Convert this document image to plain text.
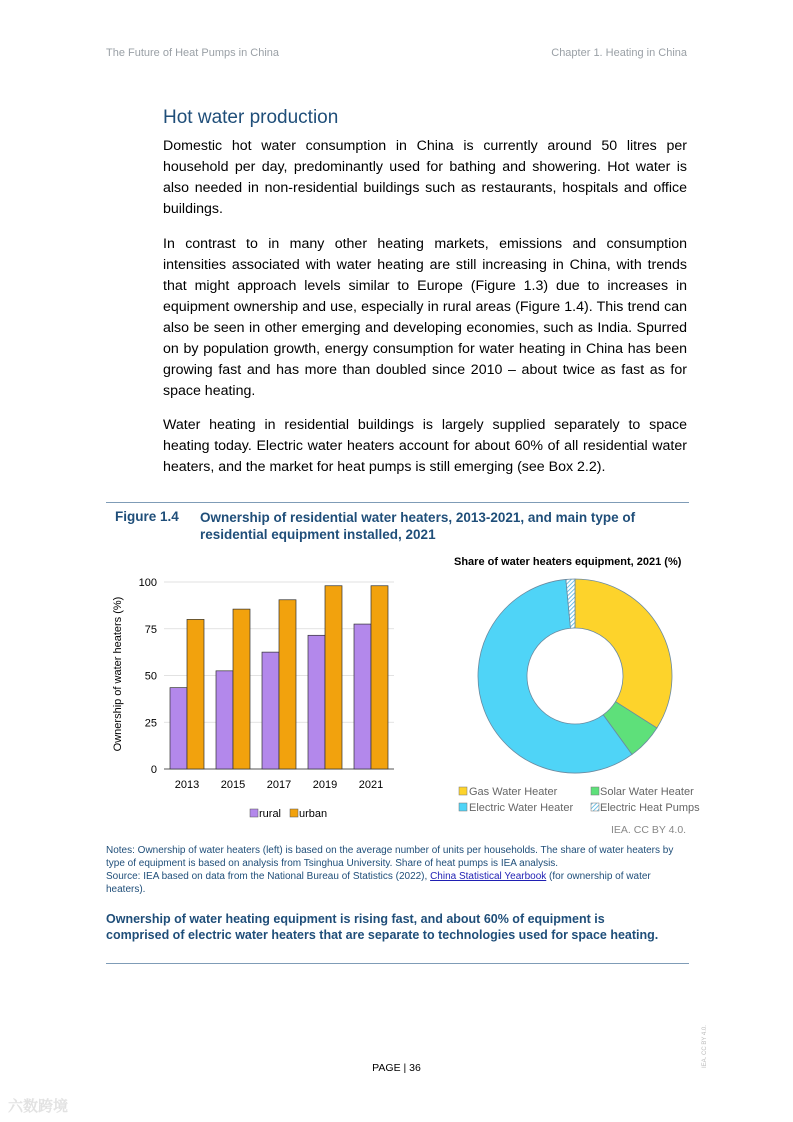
The Future of Heat Pumps in China	Chapter 1. Heating in China
Hot water production
Domestic hot water consumption in China is currently around 50 litres per household per day, predominantly used for bathing and showering. Hot water is also needed in non-residential buildings such as restaurants, hospitals and office buildings.
In contrast to in many other heating markets, emissions and consumption intensities associated with water heating are still increasing in China, with trends that might approach levels similar to Europe (Figure 1.3) due to increases in equipment ownership and use, especially in rural areas (Figure 1.4). This trend can also be seen in other emerging and developing economies, such as India. Spurred on by population growth, energy consumption for water heating in China has been growing fast and has more than doubled since 2010 – about twice as fast as for space heating.
Water heating in residential buildings is largely supplied separately to space heating today. Electric water heaters account for about 60% of all residential water heaters, and the market for heat pumps is still emerging (see Box 2.2).
Figure 1.4 Ownership of residential water heaters, 2013-2021, and main type of residential equipment installed, 2021
0
25
50
75
100
2013 2015 2017 2019 2021
Ownership of water heaters (%)
rural urban
Share of water heaters equipment, 2021 (%)
Gas Water Heater	Solar Water Heater
Electric Water Heater Electric Heat Pumps
IEA. CC BY 4.0.
Notes: Ownership of water heaters (left) is based on the average number of units per households. The share of water heaters by type of equipment is based on analysis from Tsinghua University. Share of heat pumps is IEA analysis.
Source: IEA based on data from the National Bureau of Statistics (2022), China Statistical Yearbook (for ownership of water heaters).
Ownership of water heating equipment is rising fast, and about 60% of equipment is comprised of electric water heaters that are separate to technologies used for space heating.
PAGE | 36	IEA. CC BY 4.0.
六数跨境
